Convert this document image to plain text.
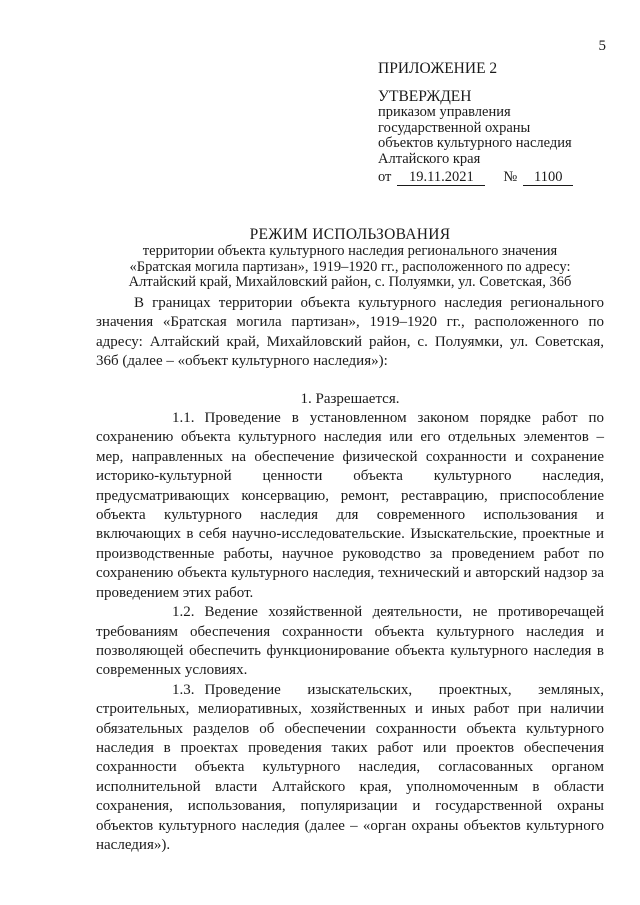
5
ПРИЛОЖЕНИЕ 2
УТВЕРЖДЕН
приказом управления
государственной охраны
объектов культурного наследия
Алтайского края
от 19.11.2021 № 1100
РЕЖИМ ИСПОЛЬЗОВАНИЯ
территории объекта культурного наследия регионального значения
«Братская могила партизан», 1919–1920 гг., расположенного по адресу:
Алтайский край, Михайловский район, с. Полуямки, ул. Советская, 36б

В границах территории объекта культурного наследия регионального значения «Братская могила партизан», 1919–1920 гг., расположенного по адресу: Алтайский край, Михайловский район, с. Полуямки, ул. Советская, 36б (далее – «объект культурного наследия»):

1. Разрешается.

1.1. Проведение в установленном законом порядке работ по сохранению объекта культурного наследия или его отдельных элементов – мер, направленных на обеспечение физической сохранности и сохранение историко-культурной ценности объекта культурного наследия, предусматривающих консервацию, ремонт, реставрацию, приспособление объекта культурного наследия для современного использования и включающих в себя научно-исследовательские. Изыскательские, проектные и производственные работы, научное руководство за проведением работ по сохранению объекта культурного наследия, технический и авторский надзор за проведением этих работ.

1.2. Ведение хозяйственной деятельности, не противоречащей требованиям обеспечения сохранности объекта культурного наследия и позволяющей обеспечить функционирование объекта культурного наследия в современных условиях.

1.3. Проведение изыскательских, проектных, земляных, строительных, мелиоративных, хозяйственных и иных работ при наличии обязательных разделов об обеспечении сохранности объекта культурного наследия в проектах проведения таких работ или проектов обеспечения сохранности объекта культурного наследия, согласованных органом исполнительной власти Алтайского края, уполномоченным в области сохранения, использования, популяризации и государственной охраны объектов культурного наследия (далее – «орган охраны объектов культурного наследия»).
